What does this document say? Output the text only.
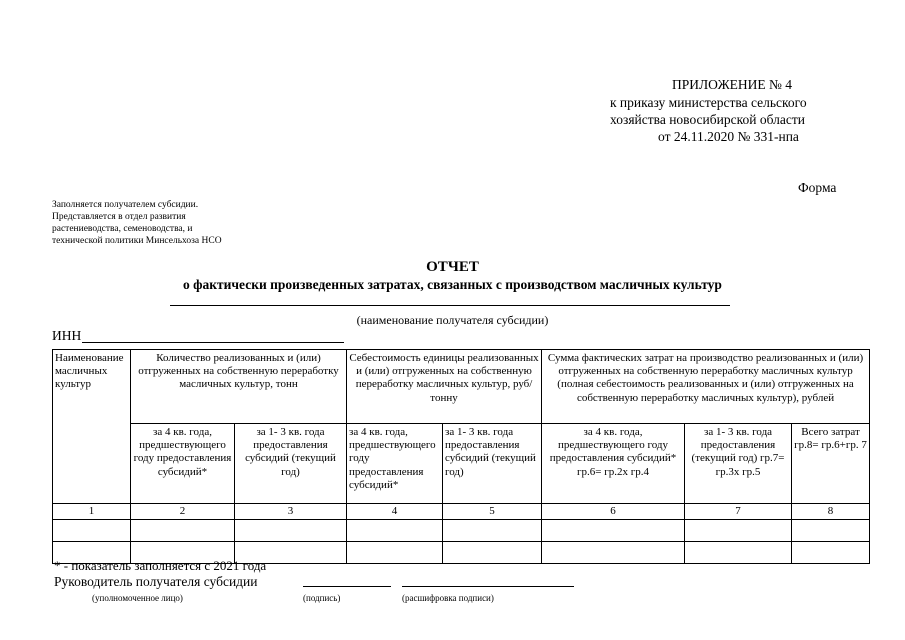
ПРИЛОЖЕНИЕ № 4
к приказу министерства сельского
хозяйства новосибирской области
от 24.11.2020 № 331-нпа
Форма
Заполняется получателем субсидии.
Представляется в отдел развития
растениеводства, семеноводства, и
технической политики Минсельхоза НСО
ОТЧЕТ
о фактически произведенных затратах, связанных с производством масличных культур
(наименование получателя субсидии)
ИНН
Наименование масличных культур	Количество реализованных и (или) отгруженных на собственную переработку масличных культур, тонн		Себестоимость единицы реализованных и (или) отгруженных на собственную переработку масличных культур, руб/тонну		Сумма фактических затрат на производство реализованных и (или) отгруженных на собственную переработку масличных культур (полная себестоимость реализованных и (или) отгруженных на собственную переработку масличных культур), рублей		
	за 4 кв. года, предшествующего году предоставления субсидий*	за 1- 3 кв. года предоставления субсидий (текущий год)	за 4 кв. года, предшествующего году предоставления субсидий*	за 1- 3 кв. года предоставления субсидий (текущий год)	за 4 кв. года, предшествующего году предоставления субсидий* гр.6= гр.2х гр.4	за 1- 3 кв. года предоставления (текущий год) гр.7= гр.3х гр.5	Всего затрат гр.8= гр.6+гр. 7
1	2	3	4	5	6	7	8

* - показатель заполняется с 2021 года
Руководитель получателя субсидии
(уполномоченное лицо)	(подпись)	(расшифровка подписи)
